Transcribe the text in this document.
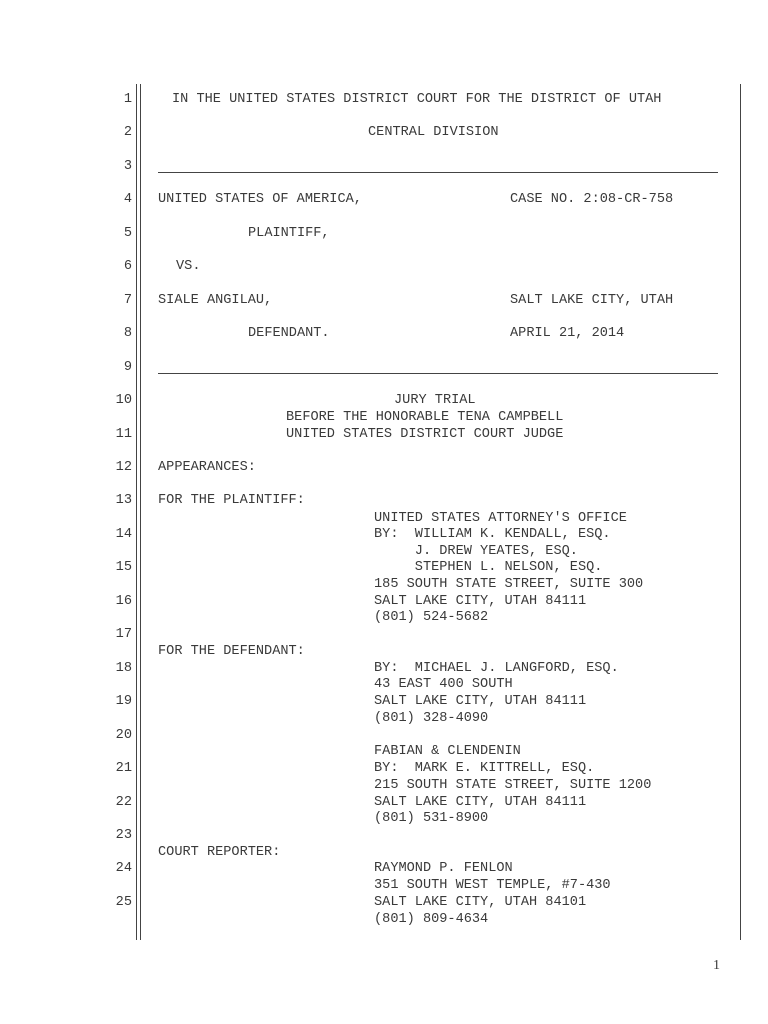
1
2
3
4
5
6
7
8
9
10
11
12
13
14
15
16
17
18
19
20
21
22
23
24
25
IN THE UNITED STATES DISTRICT COURT FOR THE DISTRICT OF UTAH
CENTRAL DIVISION
UNITED STATES OF AMERICA,	CASE NO. 2:08-CR-758
PLAINTIFF,
VS.
SIALE ANGILAU,	SALT LAKE CITY, UTAH
DEFENDANT.	APRIL 21, 2014
JURY TRIAL
BEFORE THE HONORABLE TENA CAMPBELL
UNITED STATES DISTRICT COURT JUDGE
APPEARANCES:
FOR THE PLAINTIFF:
UNITED STATES ATTORNEY'S OFFICE
BY:  WILLIAM K. KENDALL, ESQ.
J. DREW YEATES, ESQ.
STEPHEN L. NELSON, ESQ.
185 SOUTH STATE STREET, SUITE 300
SALT LAKE CITY, UTAH 84111
(801) 524-5682
FOR THE DEFENDANT:
BY:  MICHAEL J. LANGFORD, ESQ.
43 EAST 400 SOUTH
SALT LAKE CITY, UTAH 84111
(801) 328-4090
FABIAN & CLENDENIN
BY:  MARK E. KITTRELL, ESQ.
215 SOUTH STATE STREET, SUITE 1200
SALT LAKE CITY, UTAH 84111
(801) 531-8900
COURT REPORTER:
RAYMOND P. FENLON
351 SOUTH WEST TEMPLE, #7-430
SALT LAKE CITY, UTAH 84101
(801) 809-4634
1
